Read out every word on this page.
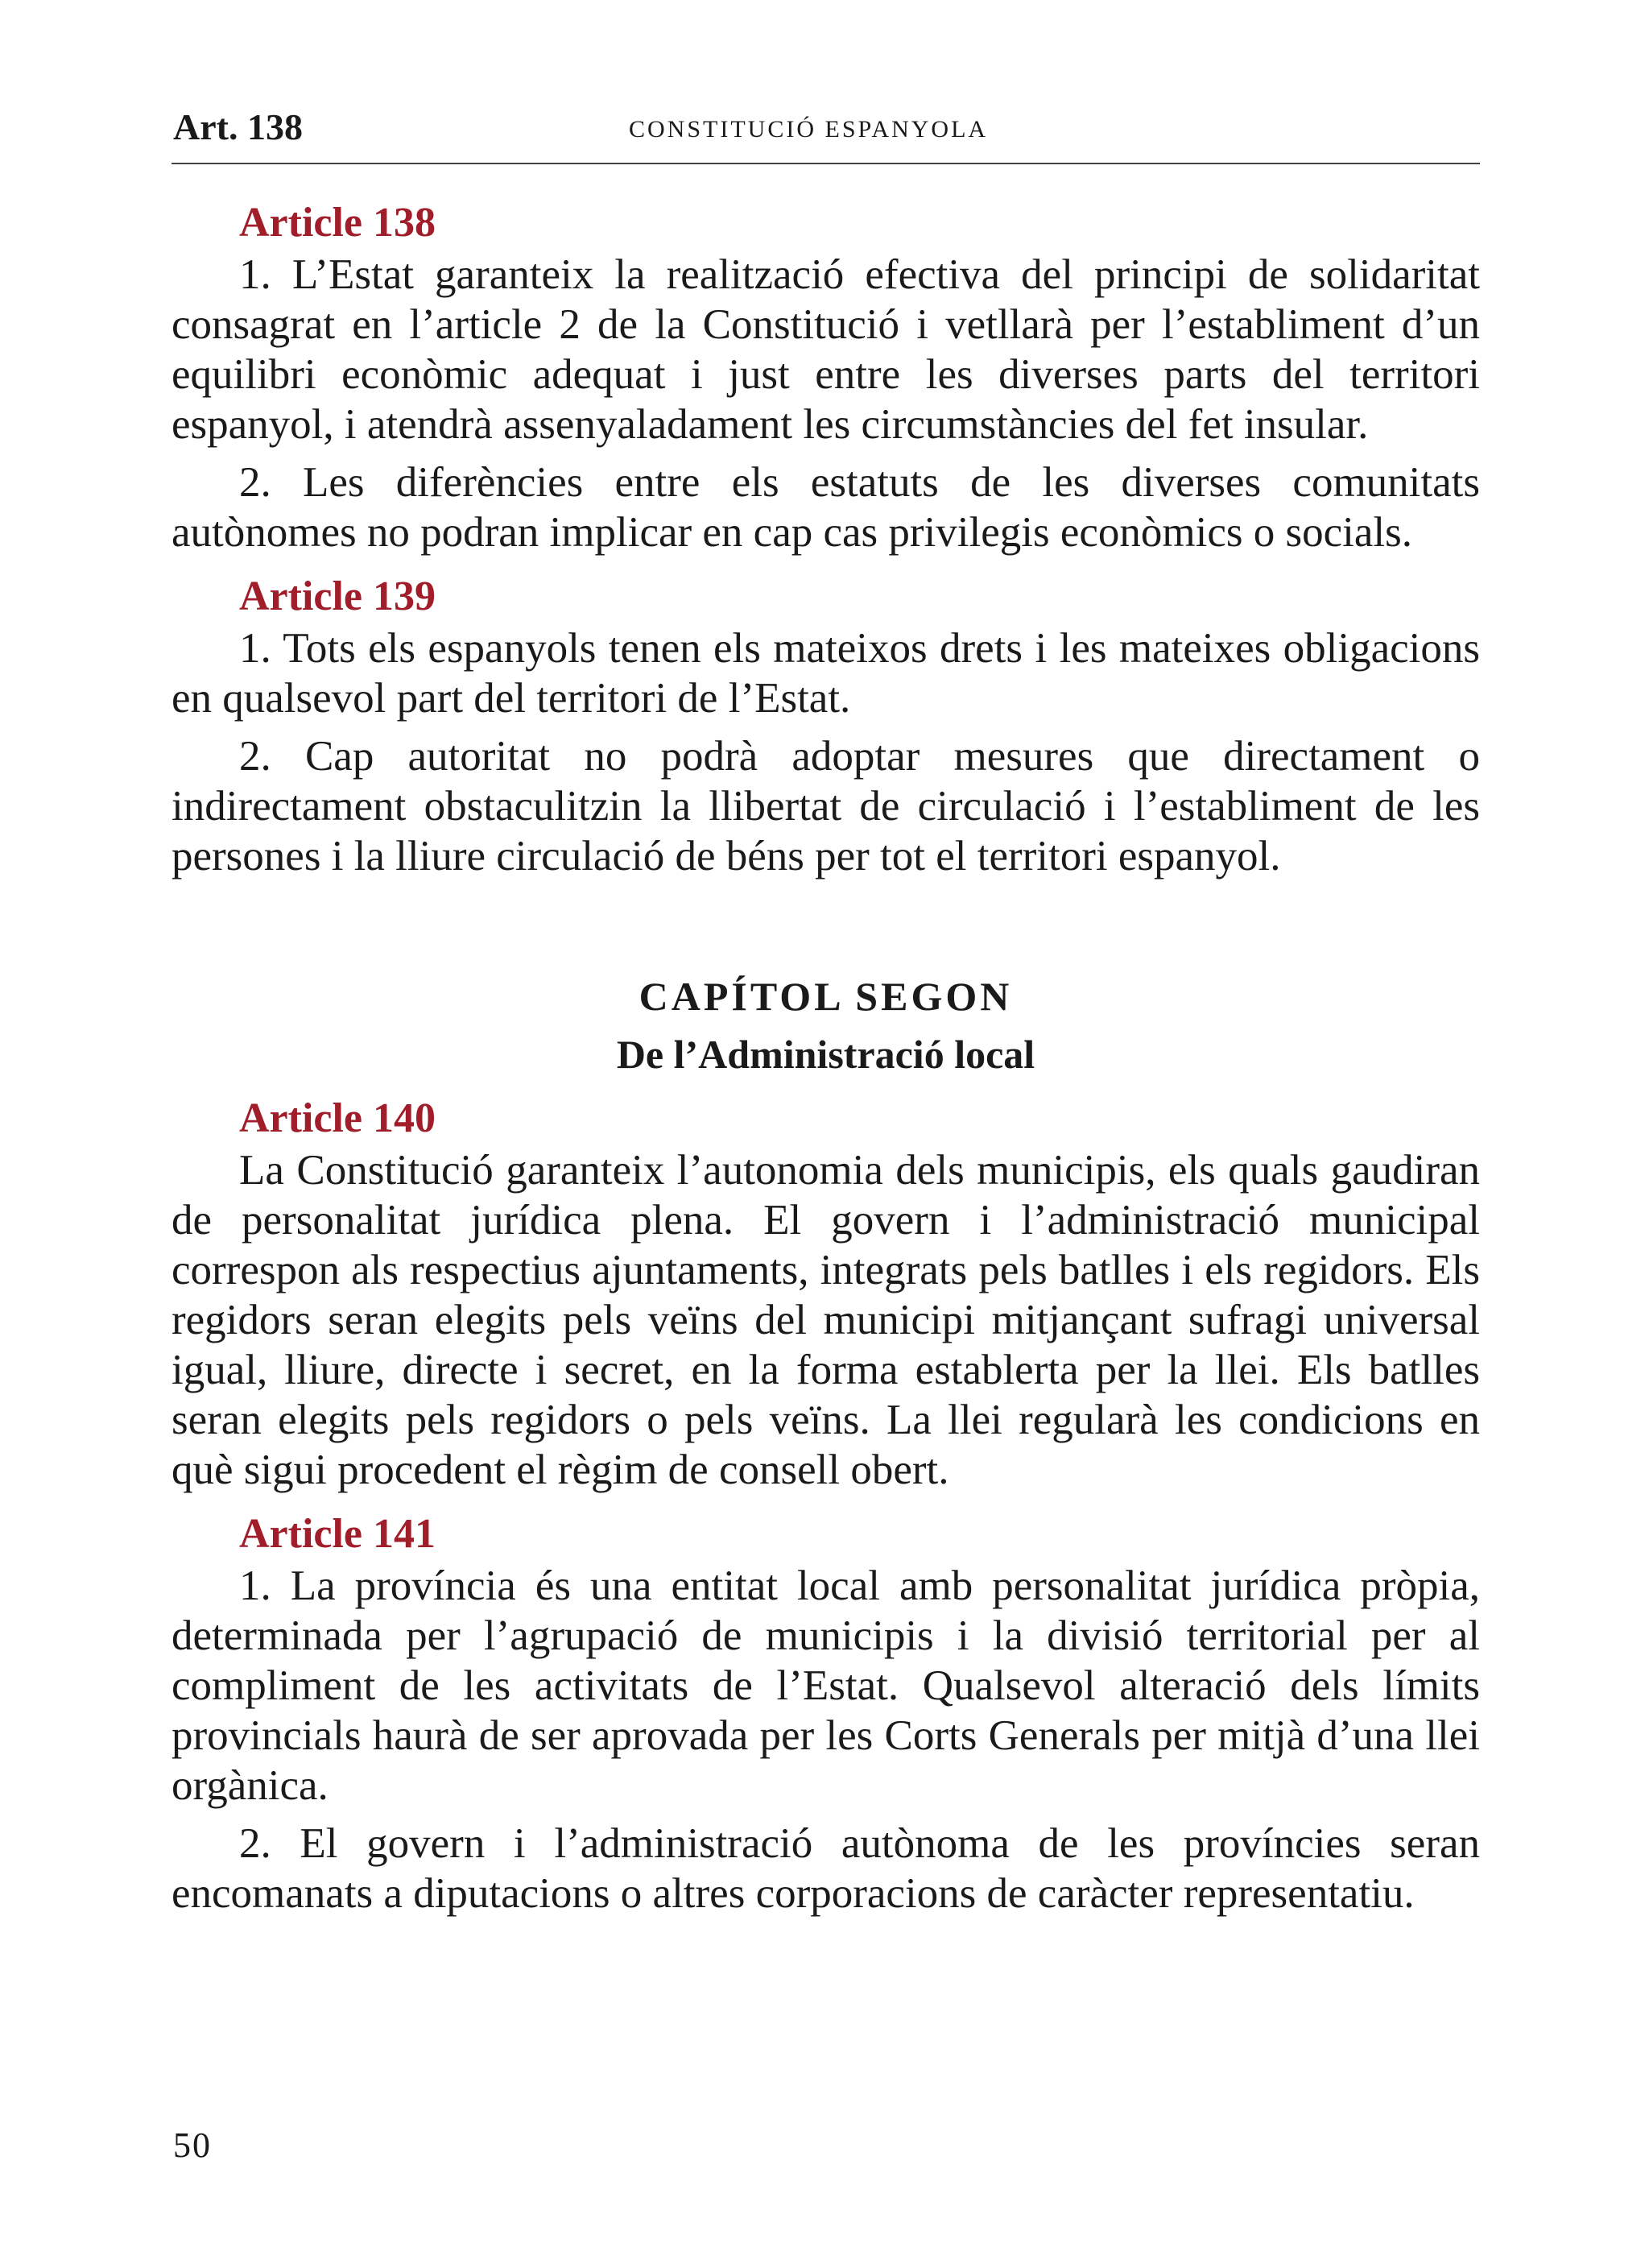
Art. 138	CONSTITUCIÓ ESPANYOLA
Article 138

1. L’Estat garanteix la realització efectiva del principi de solidaritat consagrat en l’article 2 de la Constitució i vetllarà per l’establiment d’un equilibri econòmic adequat i just entre les diverses parts del territori espanyol, i atendrà assenyaladament les circumstàncies del fet insular.

2. Les diferències entre els estatuts de les diverses comunitats autònomes no podran implicar en cap cas privilegis econòmics o socials.

Article 139

1. Tots els espanyols tenen els mateixos drets i les mateixes obligacions en qualsevol part del territori de l’Estat.

2. Cap autoritat no podrà adoptar mesures que directament o indirectament obstaculitzin la llibertat de circulació i l’establiment de les persones i la lliure circulació de béns per tot el territori espanyol.

CAPÍTOL SEGON
De l’Administració local
Article 140

La Constitució garanteix l’autonomia dels municipis, els quals gaudiran de personalitat jurídica plena. El govern i l’administració municipal correspon als respectius ajuntaments, integrats pels batlles i els regidors. Els regidors seran elegits pels veïns del municipi mitjançant sufragi universal igual, lliure, directe i secret, en la forma establerta per la llei. Els batlles seran elegits pels regidors o pels veïns. La llei regularà les condicions en què sigui procedent el règim de consell obert.

Article 141

1. La província és una entitat local amb personalitat jurídica pròpia, determinada per l’agrupació de municipis i la divisió territorial per al compliment de les activitats de l’Estat. Qualsevol alteració dels límits provincials haurà de ser aprovada per les Corts Generals per mitjà d’una llei orgànica.

2. El govern i l’administració autònoma de les províncies seran encomanats a diputacions o altres corporacions de caràcter representatiu.

50
